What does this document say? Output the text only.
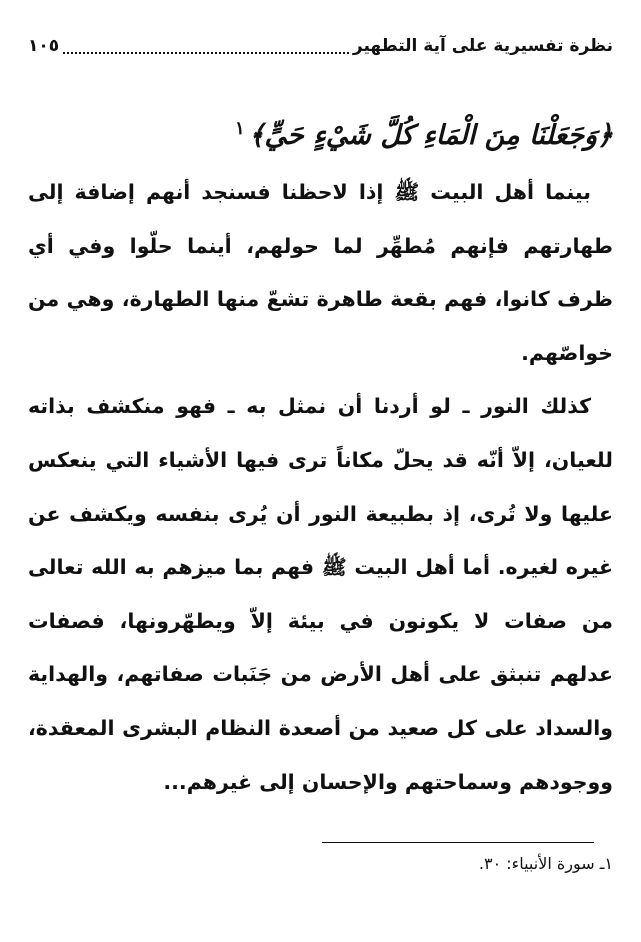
نظرة تفسيرية على آية التطهير
١٠٥
﴿وَجَعَلْنَا مِنَ الْمَاءِ كُلَّ شَيْءٍ حَيٍّ﴾$^١$

بينما أهل البيت ﷺ إذا لاحظنا فسنجد أنهم إضافة إلى طهارتهم فإنهم مُطهِّر لما حولهم، أينما حلّوا وفي أي ظرف كانوا، فهم بقعة طاهرة تشعّ منها الطهارة، وهي من خواصّهم.

كذلك النور ـ لو أردنا أن نمثل به ـ فهو منكشف بذاته للعيان، إلاّ أنّه قد يحلّ مكاناً ترى فيها الأشياء التي ينعكس عليها ولا تُرى، إذ بطبيعة النور أن يُرى بنفسه ويكشف عن غيره لغيره. أما أهل البيت ﷺ فهم بما ميزهم به الله تعالى من صفات لا يكونون في بيئة إلاّ ويطهّرونها، فصفات عدلهم تنبثق على أهل الأرض من جَنَبات صفاتهم، والهداية والسداد على كل صعيد من أصعدة النظام البشرى المعقدة، ووجودهم وسماحتهم والإحسان إلى غيرهم...

١ـ سورة الأنبياء: ٣٠.
